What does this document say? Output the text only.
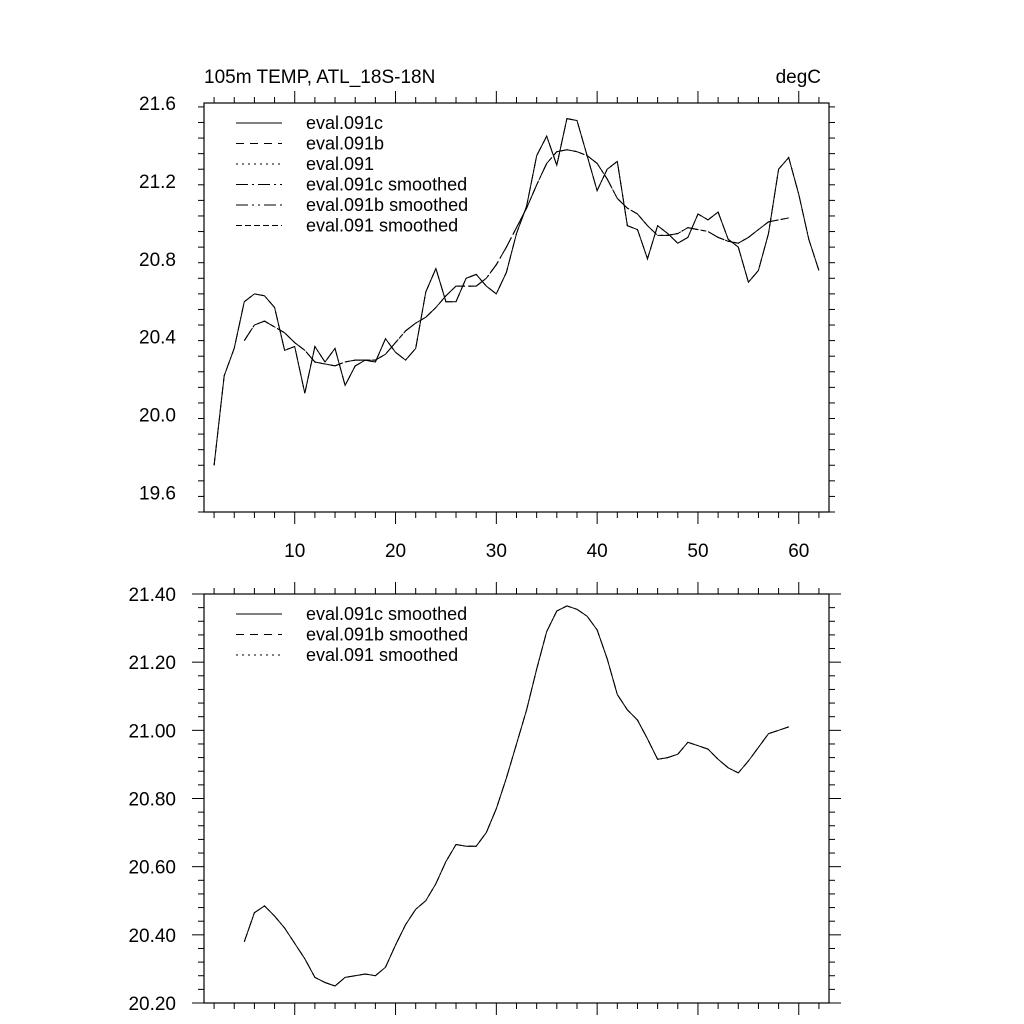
10	20	30	40	50	60
19.6
20.0
20.4
20.8
21.2
21.6
105m TEMP, ATL_18S-18N	degC
eval.091c
eval.091b
eval.091
eval.091c smoothed
eval.091b smoothed
eval.091 smoothed
20.20
20.40
20.60
20.80
21.00
21.20
21.40
eval.091c smoothed
eval.091b smoothed
eval.091 smoothed
